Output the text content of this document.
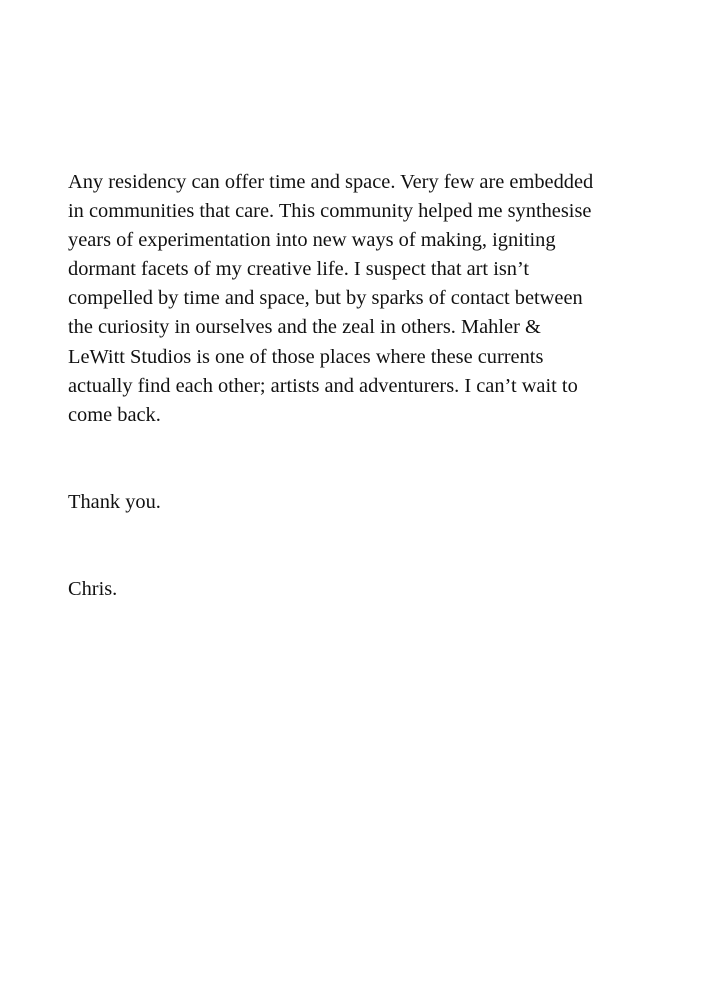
Any residency can offer time and space. Very few are embedded
in communities that care. This community helped me synthesise
years of experimentation into new ways of making, igniting
dormant facets of my creative life. I suspect that art isn’t
compelled by time and space, but by sparks of contact between
the curiosity in ourselves and the zeal in others. Mahler &
LeWitt Studios is one of those places where these currents
actually find each other; artists and adventurers. I can’t wait to
come back.

Thank you.

Chris.
